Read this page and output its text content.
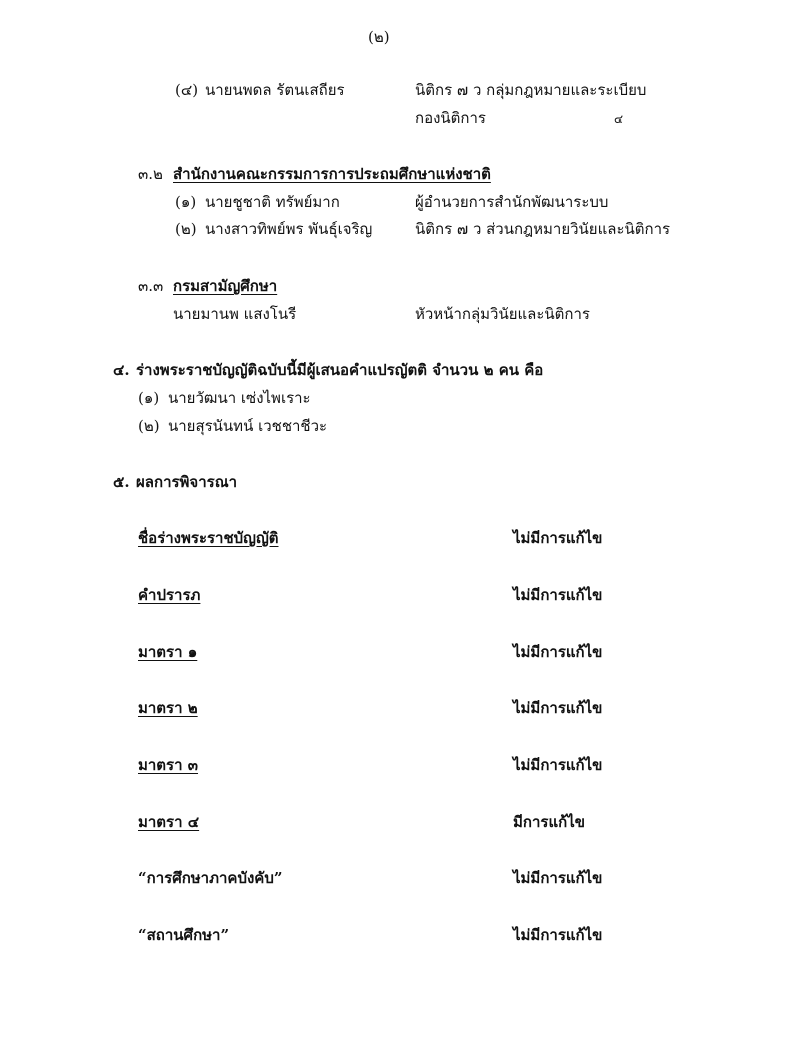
(๒)
(๔) นายนพดล รัตนเสถียร	นิติกร ๗ ว กลุ่มกฎหมายและระเบียบ
กองนิติการ	๔
๓.๒ สำนักงานคณะกรรมการการประถมศึกษาแห่งชาติ
(๑) นายชูชาติ ทรัพย์มาก	ผู้อำนวยการสำนักพัฒนาระบบ
(๒) นางสาวทิพย์พร พันธุ์เจริญ	นิติกร ๗ ว ส่วนกฎหมายวินัยและนิติการ
๓.๓ กรมสามัญศึกษา
นายมานพ แสงโนรี	หัวหน้ากลุ่มวินัยและนิติการ
๔. ร่างพระราชบัญญัติฉบับนี้มีผู้เสนอคำแปรญัตติ จำนวน ๒ คน คือ
(๑) นายวัฒนา เซ่งไพเราะ
(๒) นายสุรนันทน์ เวชชาชีวะ
๕. ผลการพิจารณา
ชื่อร่างพระราชบัญญัติ	ไม่มีการแก้ไข
คำปรารภ	ไม่มีการแก้ไข
มาตรา ๑	ไม่มีการแก้ไข
มาตรา ๒	ไม่มีการแก้ไข
มาตรา ๓	ไม่มีการแก้ไข
มาตรา ๔	มีการแก้ไข
“การศึกษาภาคบังคับ”	ไม่มีการแก้ไข
“สถานศึกษา”	ไม่มีการแก้ไข
